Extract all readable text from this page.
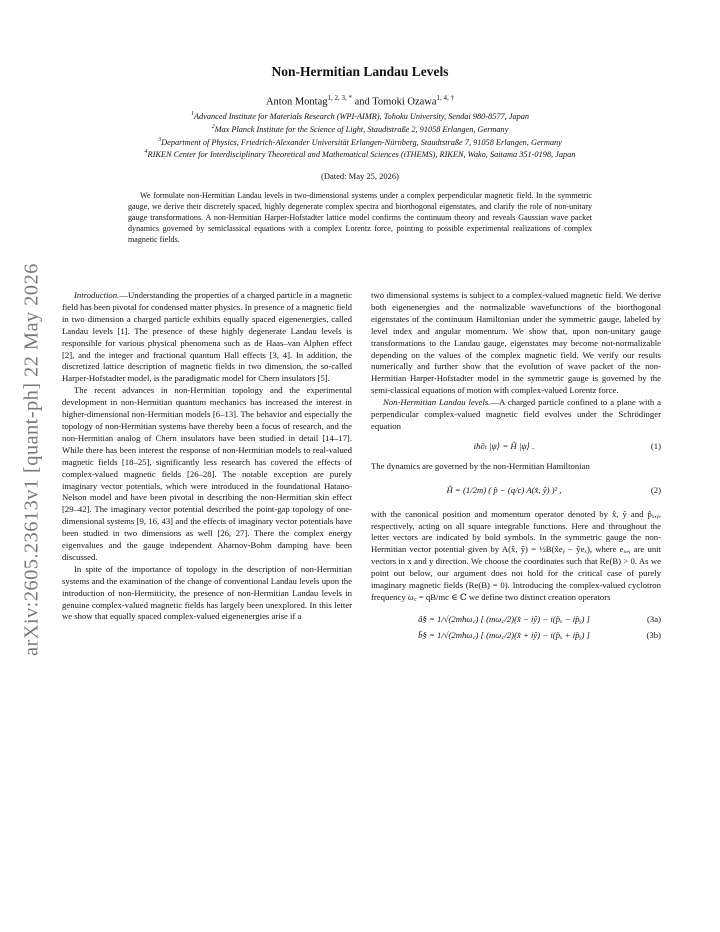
arXiv:2605.23613v1 [quant-ph] 22 May 2026
Non-Hermitian Landau Levels
Anton Montag$^{1, 2, 3, *}$ and Tomoki Ozawa$^{1, 4, \dagger}$
$^1$Advanced Institute for Materials Research (WPI-AIMR), Tohoku University, Sendai 980-8577, Japan
$^2$Max Planck Institute for the Science of Light, Staudtstraße 2, 91058 Erlangen, Germany
$^3$Department of Physics, Friedrich-Alexander Universität Erlangen-Nürnberg, Staudtstraße 7, 91058 Erlangen, Germany
$^4$RIKEN Center for Interdisciplinary Theoretical and Mathematical Sciences (iTHEMS), RIKEN, Wako, Saitama 351-0198, Japan
(Dated: May 25, 2026)
We formulate non-Hermitian Landau levels in two-dimensional systems under a complex perpendicular magnetic field. In the symmetric gauge, we derive their discretely spaced, highly degenerate complex spectra and biorthogonal eigenstates, and clarify the role of non-unitary gauge transformations. A non-Hermitian Harper-Hofstadter lattice model confirms the continuum theory and reveals Gaussian wave packet dynamics governed by semiclassical equations with a complex Lorentz force, pointing to possible experimental realizations of complex magnetic fields.

Introduction.—Understanding the properties of a charged particle in a magnetic field has been pivotal for condensed matter physics. In presence of a magnetic field in two dimension a charged particle exhibits equally spaced eigenenergies, called Landau levels [1]. The presence of these highly degenerate Landau levels is responsible for various physical phenomena such as de Haas–van Alphen effect [2], and the integer and fractional quantum Hall effects [3, 4]. In addition, the discretized lattice description of magnetic fields in two dimension, the so-called Harper-Hofstadter model, is the paradigmatic model for Chern insulators [5].

The recent advances in non-Hermitian topology and the experimental development in non-Hermitian quantum mechanics has increased the interest in higher-dimensional non-Hermitian models [6–13]. The behavior and especially the topology of non-Hermitian systems have thereby been a focus of research, and the non-Hermitian analog of Chern insulators have been studied in detail [14–17]. While there has been interest the response of non-Hermitian models to real-valued magnetic fields [18–25], significantly less research has covered the effects of complex-valued magnetic fields [26–28]. The notable exception are purely imaginary vector potentials, which were introduced in the foundational Hatano-Nelson model and have been pivotal in describing the non-Hermitian skin effect [29–42]. The imaginary vector potential described the point-gap topology of one-dimensional systems [9, 16, 43] and the effects of imaginary vector potentials have been studied in two dimensions as well [26, 27]. There the complex energy eigenvalues and the gauge independent Aharnov-Bohm damping have been discussed.

In spite of the importance of topology in the description of non-Hermitian systems and the examination of the change of conventional Landau levels upon the introduction of non-Hermiticity, the presence of non-Hermitian Landau levels in genuine complex-valued magnetic fields has largely been unexplored. In this letter we show that equally spaced complex-valued eigenenergies arise if a

two dimensional systems is subject to a complex-valued magnetic field. We derive both eigenenergies and the normalizable wavefunctions of the biorthogonal eigenstates of the continuum Hamiltonian under the symmetric gauge, labeled by level index and angular momentum. We show that, upon non-unitary gauge transformations to the Landau gauge, eigenstates may become not-normalizable depending on the values of the complex magnetic field. We verify our results numerically and further show that the evolution of wave packet of the non-Hermitian Harper-Hofstadter model in the symmetric gauge is governed by the semi-classical equations of motion with complex-valued Lorentz force.

Non-Hermitian Landau levels.—A charged particle confined to a plane with a perpendicular complex-valued magnetic field evolves under the Schrödinger equation

iħ∂ₜ |ψ⟩ = Ĥ |ψ⟩ .	(1)

The dynamics are governed by the non-Hermitian Hamiltonian

Ĥ = (1/2m) ( p̂ − (q/c) A(x̂, ŷ) )² ,	(2)

with the canonical position and momentum operator denoted by x̂, ŷ and p̂ₓ,ᵧ, respectively, acting on all square integrable functions. Here and throughout the letter vectors are indicated by bold symbols. In the symmetric gauge the non-Hermitian vector potential given by A(x̂, ŷ) = ½B(x̂eᵧ − ŷeₓ), where eₓ,ᵧ are unit vectors in x and y direction. We choose the coordinates such that Re(B) > 0. As we point out below, our argument does not hold for the critical case of purely imaginary magnetic fields (Re(B) = 0). Introducing the complex-valued cyclotron frequency ω꜀ = qB/mc ∈ ℂ we define two distinct creation operators

â§ = 1/√(2mħω꜀) [ (mω꜀/2)(x̂ − iŷ) − i(p̂ₓ − ip̂ᵧ) ]	(3a)
b̂§ = 1/√(2mħω꜀) [ (mω꜀/2)(x̂ + iŷ) − i(p̂ₓ + ip̂ᵧ) ]	(3b)
